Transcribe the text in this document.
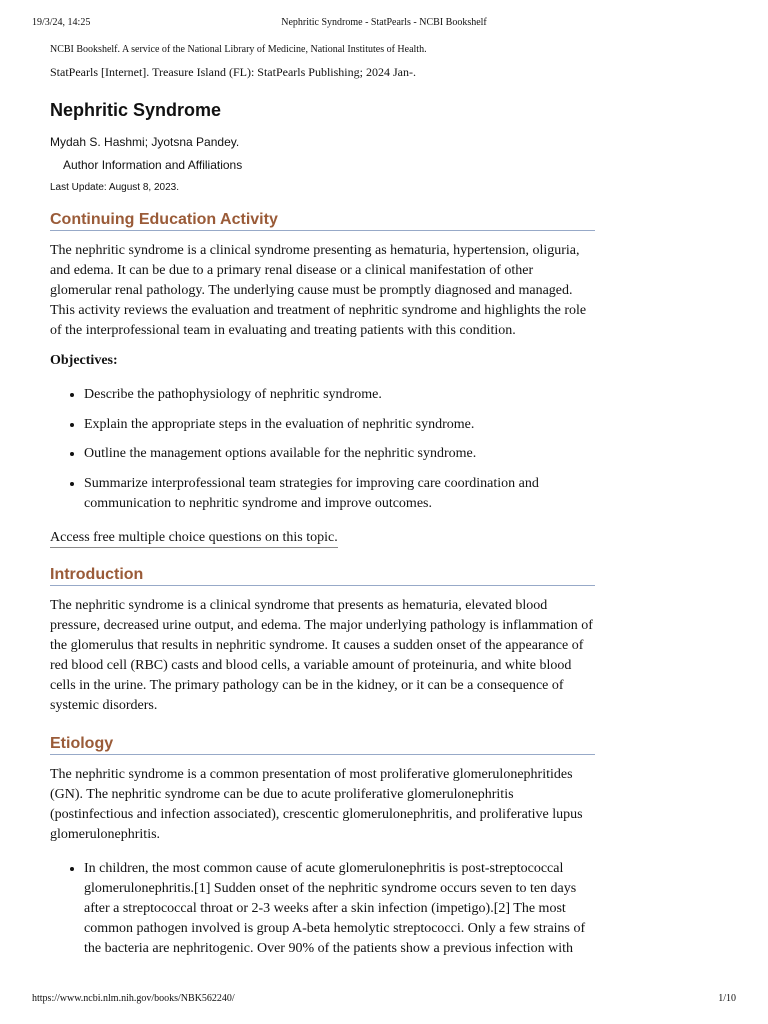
19/3/24, 14:25	Nephritic Syndrome - StatPearls - NCBI Bookshelf

NCBI Bookshelf. A service of the National Library of Medicine, National Institutes of Health.

StatPearls [Internet]. Treasure Island (FL): StatPearls Publishing; 2024 Jan-.

Nephritic Syndrome

Mydah S. Hashmi; Jyotsna Pandey.

Author Information and Affiliations

Last Update: August 8, 2023.

Continuing Education Activity

The nephritic syndrome is a clinical syndrome presenting as hematuria, hypertension, oliguria, and edema. It can be due to a primary renal disease or a clinical manifestation of other glomerular renal pathology. The underlying cause must be promptly diagnosed and managed. This activity reviews the evaluation and treatment of nephritic syndrome and highlights the role of the interprofessional team in evaluating and treating patients with this condition.

Objectives:

• Describe the pathophysiology of nephritic syndrome.
• Explain the appropriate steps in the evaluation of nephritic syndrome.
• Outline the management options available for the nephritic syndrome.
• Summarize interprofessional team strategies for improving care coordination and communication to nephritic syndrome and improve outcomes.
Access free multiple choice questions on this topic.
Introduction

The nephritic syndrome is a clinical syndrome that presents as hematuria, elevated blood pressure, decreased urine output, and edema. The major underlying pathology is inflammation of the glomerulus that results in nephritic syndrome. It causes a sudden onset of the appearance of red blood cell (RBC) casts and blood cells, a variable amount of proteinuria, and white blood cells in the urine. The primary pathology can be in the kidney, or it can be a consequence of systemic disorders.

Etiology

The nephritic syndrome is a common presentation of most proliferative glomerulonephritides (GN). The nephritic syndrome can be due to acute proliferative glomerulonephritis (postinfectious and infection associated), crescentic glomerulonephritis, and proliferative lupus glomerulonephritis.

• In children, the most common cause of acute glomerulonephritis is post-streptococcal glomerulonephritis.[1] Sudden onset of the nephritic syndrome occurs seven to ten days after a streptococcal throat or 2-3 weeks after a skin infection (impetigo).[2] The most common pathogen involved is group A-beta hemolytic streptococci. Only a few strains of the bacteria are nephritogenic. Over 90% of the patients show a previous infection with
https://www.ncbi.nlm.nih.gov/books/NBK562240/	1/10
